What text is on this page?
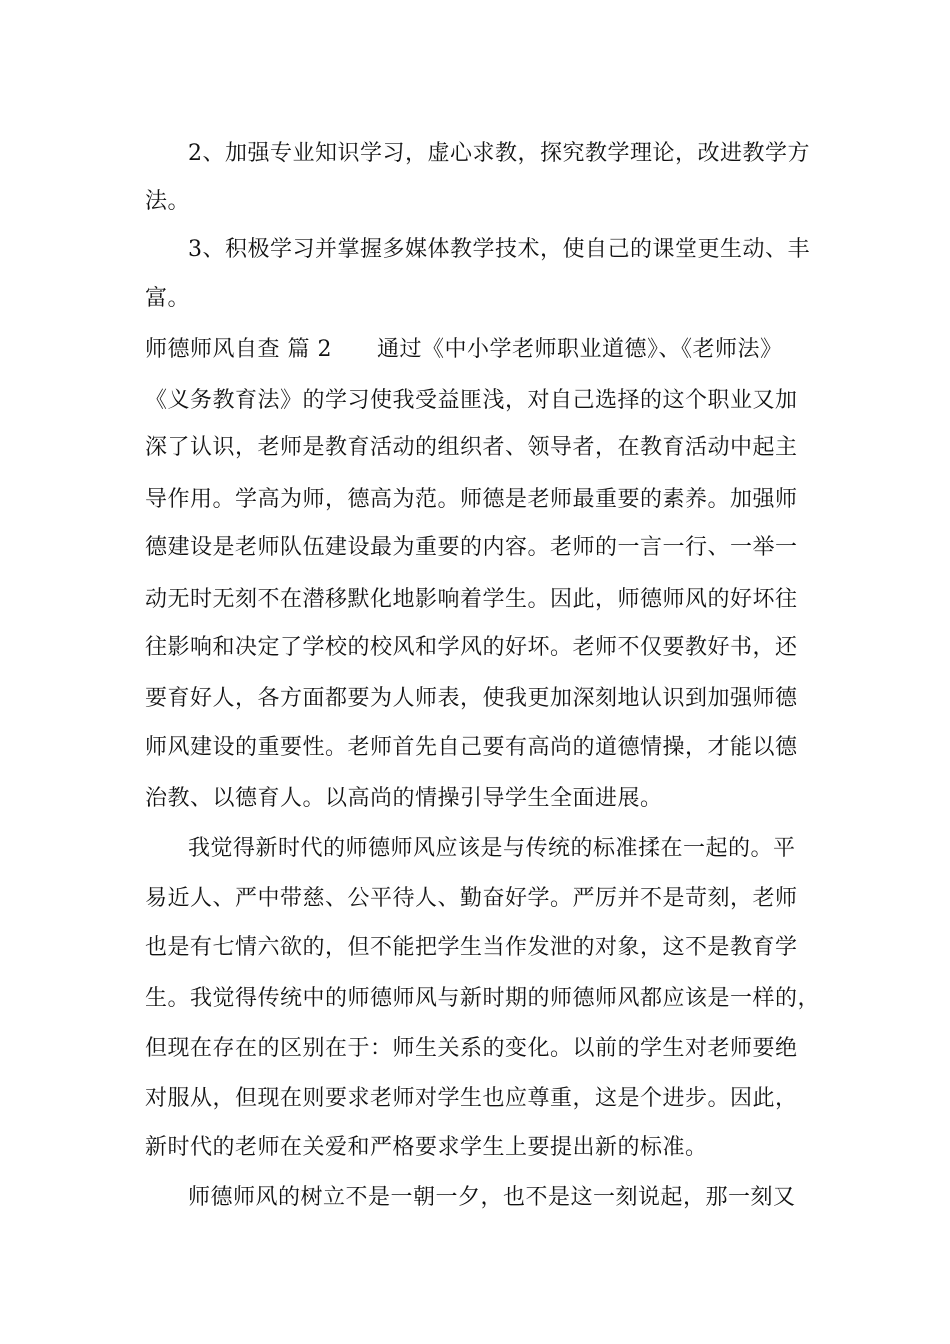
2、加强专业知识学习，虚心求教，探究教学理论，改进教学方
法。
3、积极学习并掌握多媒体教学技术，使自己的课堂更生动、丰
富。
师德师风自查 篇 2 通过《中小学老师职业道德》、《老师法》
《义务教育法》的学习使我受益匪浅，对自己选择的这个职业又加
深了认识，老师是教育活动的组织者、领导者，在教育活动中起主
导作用。学高为师，德高为范。师德是老师最重要的素养。加强师
德建设是老师队伍建设最为重要的内容。老师的一言一行、一举一
动无时无刻不在潜移默化地影响着学生。因此，师德师风的好坏往
往影响和决定了学校的校风和学风的好坏。老师不仅要教好书，还
要育好人，各方面都要为人师表，使我更加深刻地认识到加强师德
师风建设的重要性。老师首先自己要有高尚的道德情操，才能以德
治教、以德育人。以高尚的情操引导学生全面进展。
我觉得新时代的师德师风应该是与传统的标准揉在一起的。平
易近人、严中带慈、公平待人、勤奋好学。严厉并不是苛刻，老师
也是有七情六欲的，但不能把学生当作发泄的对象，这不是教育学
生。我觉得传统中的师德师风与新时期的师德师风都应该是一样的，
但现在存在的区别在于：师生关系的变化。以前的学生对老师要绝
对服从，但现在则要求老师对学生也应尊重，这是个进步。因此，
新时代的老师在关爱和严格要求学生上要提出新的标准。
师德师风的树立不是一朝一夕，也不是这一刻说起，那一刻又
